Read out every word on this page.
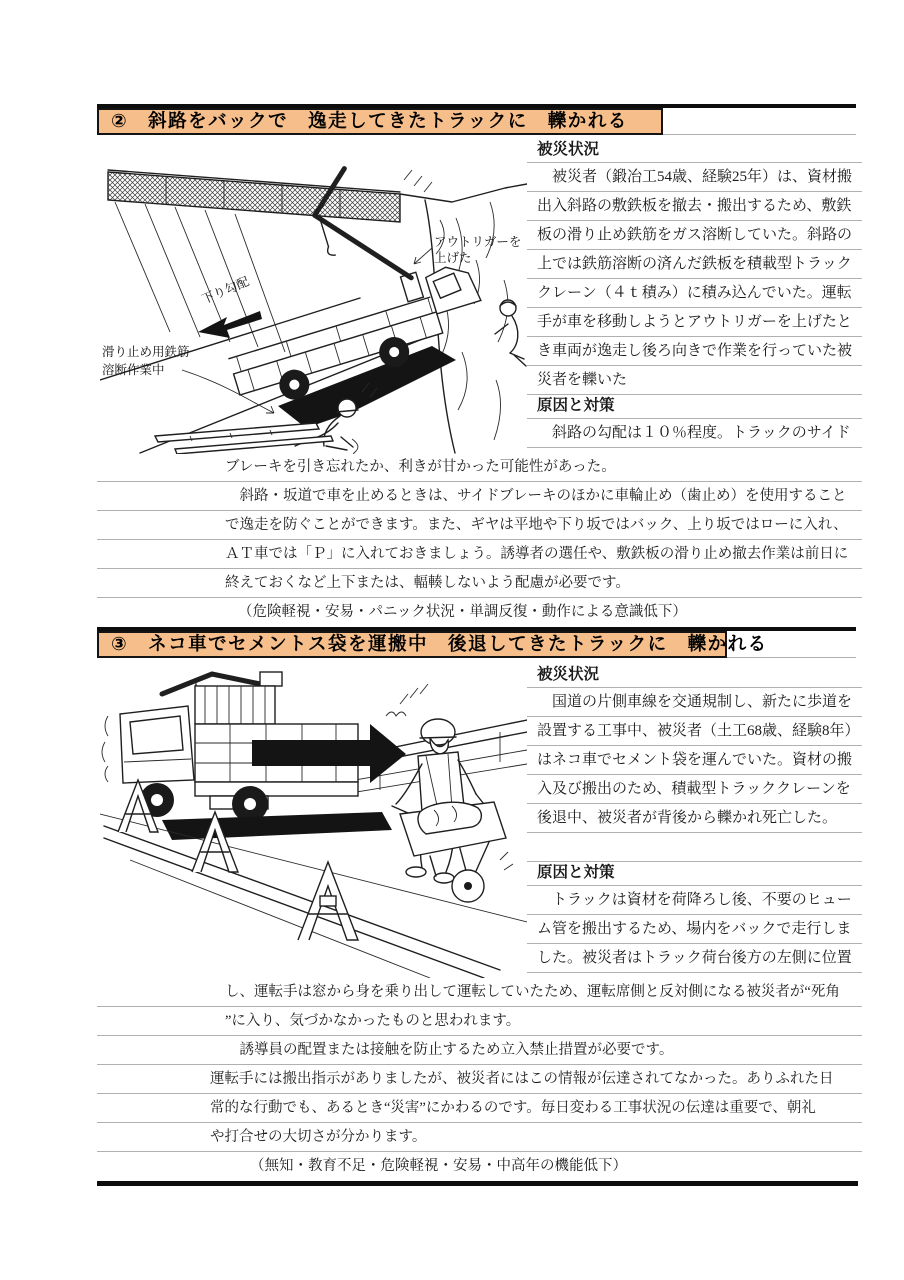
②　斜路をバックで　逸走してきたトラックに　轢かれる
下り勾配
アウトリガーを
上げた
滑り止め用鉄筋
溶断作業中
被災状況
　被災者（鍛冶工54歳、経験25年）は、資材搬
出入斜路の敷鉄板を撤去・搬出するため、敷鉄
板の滑り止め鉄筋をガス溶断していた。斜路の
上では鉄筋溶断の済んだ鉄板を積載型トラック
クレーン（４ｔ積み）に積み込んでいた。運転
手が車を移動しようとアウトリガーを上げたと
き車両が逸走し後ろ向きで作業を行っていた被
災者を轢いた
原因と対策
　斜路の勾配は１０％程度。トラックのサイド
ブレーキを引き忘れたか、利きが甘かった可能性があった。
　斜路・坂道で車を止めるときは、サイドブレーキのほかに車輪止め（歯止め）を使用すること
で逸走を防ぐことができます。また、ギヤは平地や下り坂ではバック、上り坂ではローに入れ、
ＡＴ車では「Ｐ」に入れておきましょう。誘導者の選任や、敷鉄板の滑り止め撤去作業は前日に
終えておくなど上下または、輻輳しないよう配慮が必要です。
（危険軽視・安易・パニック状況・単調反復・動作による意識低下）
③　ネコ車でセメントス袋を運搬中　後退してきたトラックに　轢かれる
被災状況
　国道の片側車線を交通規制し、新たに歩道を
設置する工事中、被災者（土工68歳、経験8年）
はネコ車でセメント袋を運んでいた。資材の搬
入及び搬出のため、積載型トラッククレーンを
後退中、被災者が背後から轢かれ死亡した。
原因と対策
　トラックは資材を荷降ろし後、不要のヒュー
ム管を搬出するため、場内をバックで走行しま
した。被災者はトラック荷台後方の左側に位置
し、運転手は窓から身を乗り出して運転していたため、運転席側と反対側になる被災者が“死角
”に入り、気づかなかったものと思われます。
　誘導員の配置または接触を防止するため立入禁止措置が必要です。
運転手には搬出指示がありましたが、被災者にはこの情報が伝達されてなかった。ありふれた日
常的な行動でも、あるとき“災害”にかわるのです。毎日変わる工事状況の伝達は重要で、朝礼
や打合せの大切さが分かります。
（無知・教育不足・危険軽視・安易・中高年の機能低下）
